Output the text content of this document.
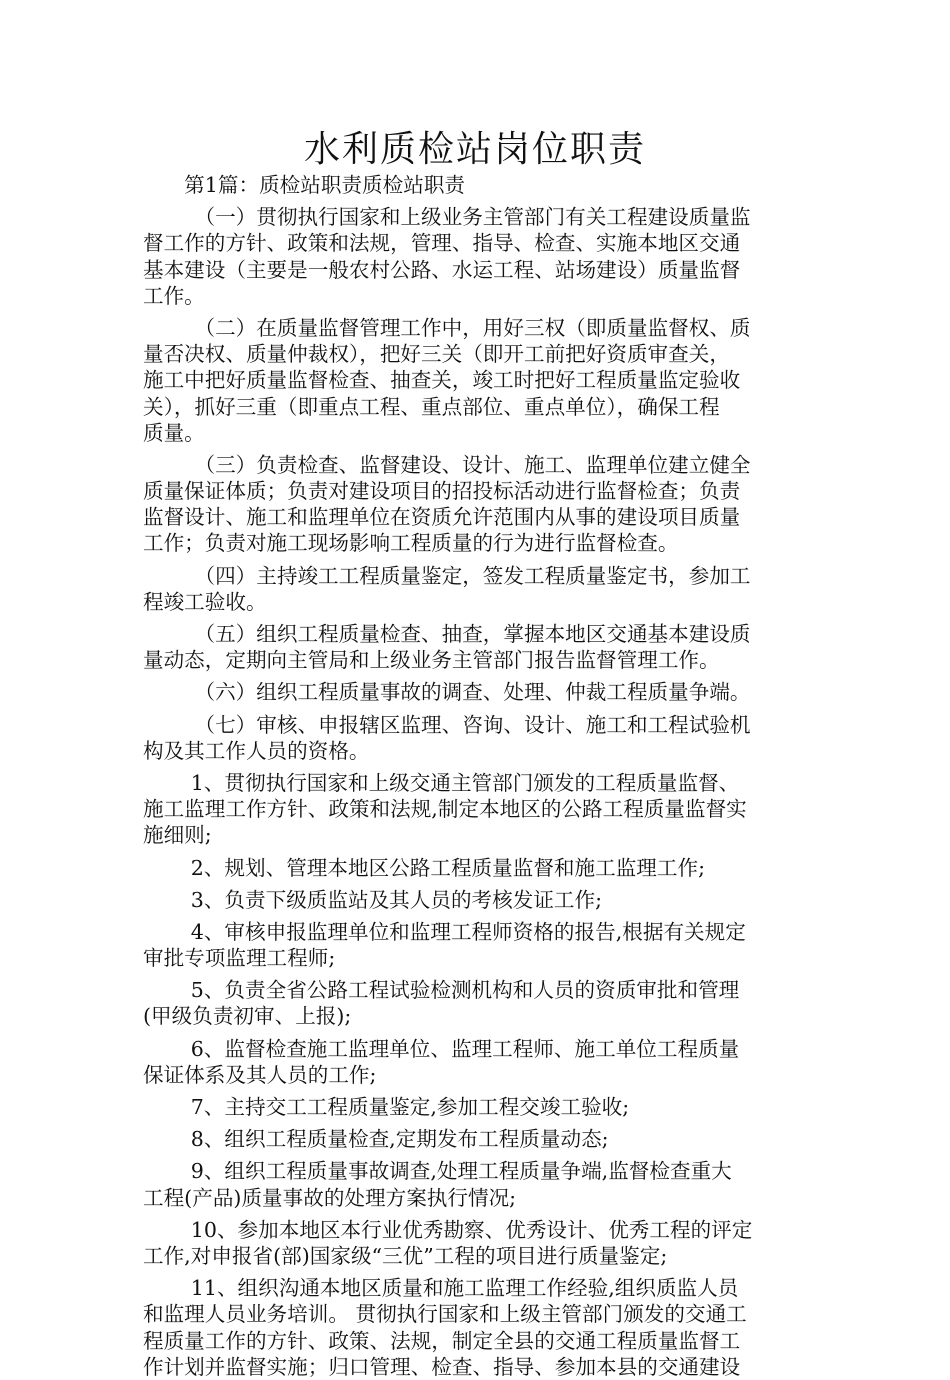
水利质检站岗位职责
　　第1篇：质检站职责质检站职责
　　　（一）贯彻执行国家和上级业务主管部门有关工程建设质量监
督工作的方针、政策和法规，管理、指导、检查、实施本地区交通
基本建设（主要是一般农村公路、水运工程、站场建设）质量监督
工作。
　　　（二）在质量监督管理工作中，用好三权（即质量监督权、质
量否决权、质量仲裁权），把好三关（即开工前把好资质审查关，
施工中把好质量监督检查、抽查关，竣工时把好工程质量监定验收
关），抓好三重（即重点工程、重点部位、重点单位），确保工程
质量。
　　　（三）负责检查、监督建设、设计、施工、监理单位建立健全
质量保证体质；负责对建设项目的招投标活动进行监督检查；负责
监督设计、施工和监理单位在资质允许范围内从事的建设项目质量
工作；负责对施工现场影响工程质量的行为进行监督检查。
　　　（四）主持竣工工程质量鉴定，签发工程质量鉴定书，参加工
程竣工验收。
　　　（五）组织工程质量检查、抽查，掌握本地区交通基本建设质
量动态，定期向主管局和上级业务主管部门报告监督管理工作。
　　　（六）组织工程质量事故的调查、处理、仲裁工程质量争端。
　　　（七）审核、申报辖区监理、咨询、设计、施工和工程试验机
构及其工作人员的资格。
　　 1、贯彻执行国家和上级交通主管部门颁发的工程质量监督、
施工监理工作方针、政策和法规,制定本地区的公路工程质量监督实
施细则;
　　 2、规划、管理本地区公路工程质量监督和施工监理工作;
　　 3、负责下级质监站及其人员的考核发证工作;
　　 4、审核申报监理单位和监理工程师资格的报告,根据有关规定
审批专项监理工程师;
　　 5、负责全省公路工程试验检测机构和人员的资质审批和管理
(甲级负责初审、上报);
　　 6、监督检查施工监理单位、监理工程师、施工单位工程质量
保证体系及其人员的工作;
　　 7、主持交工工程质量鉴定,参加工程交竣工验收;
　　 8、组织工程质量检查,定期发布工程质量动态;
　　 9、组织工程质量事故调查,处理工程质量争端,监督检查重大
工程(产品)质量事故的处理方案执行情况;
　　 10、参加本地区本行业优秀勘察、优秀设计、优秀工程的评定
工作,对申报省(部)国家级“三优”工程的项目进行质量鉴定;
　　 11、组织沟通本地区质量和施工监理工作经验,组织质监人员
和监理人员业务培训。 贯彻执行国家和上级主管部门颁发的交通工
程质量工作的方针、政策、法规，制定全县的交通工程质量监督工
作计划并监督实施；归口管理、检查、指导、参加本县的交通建设
